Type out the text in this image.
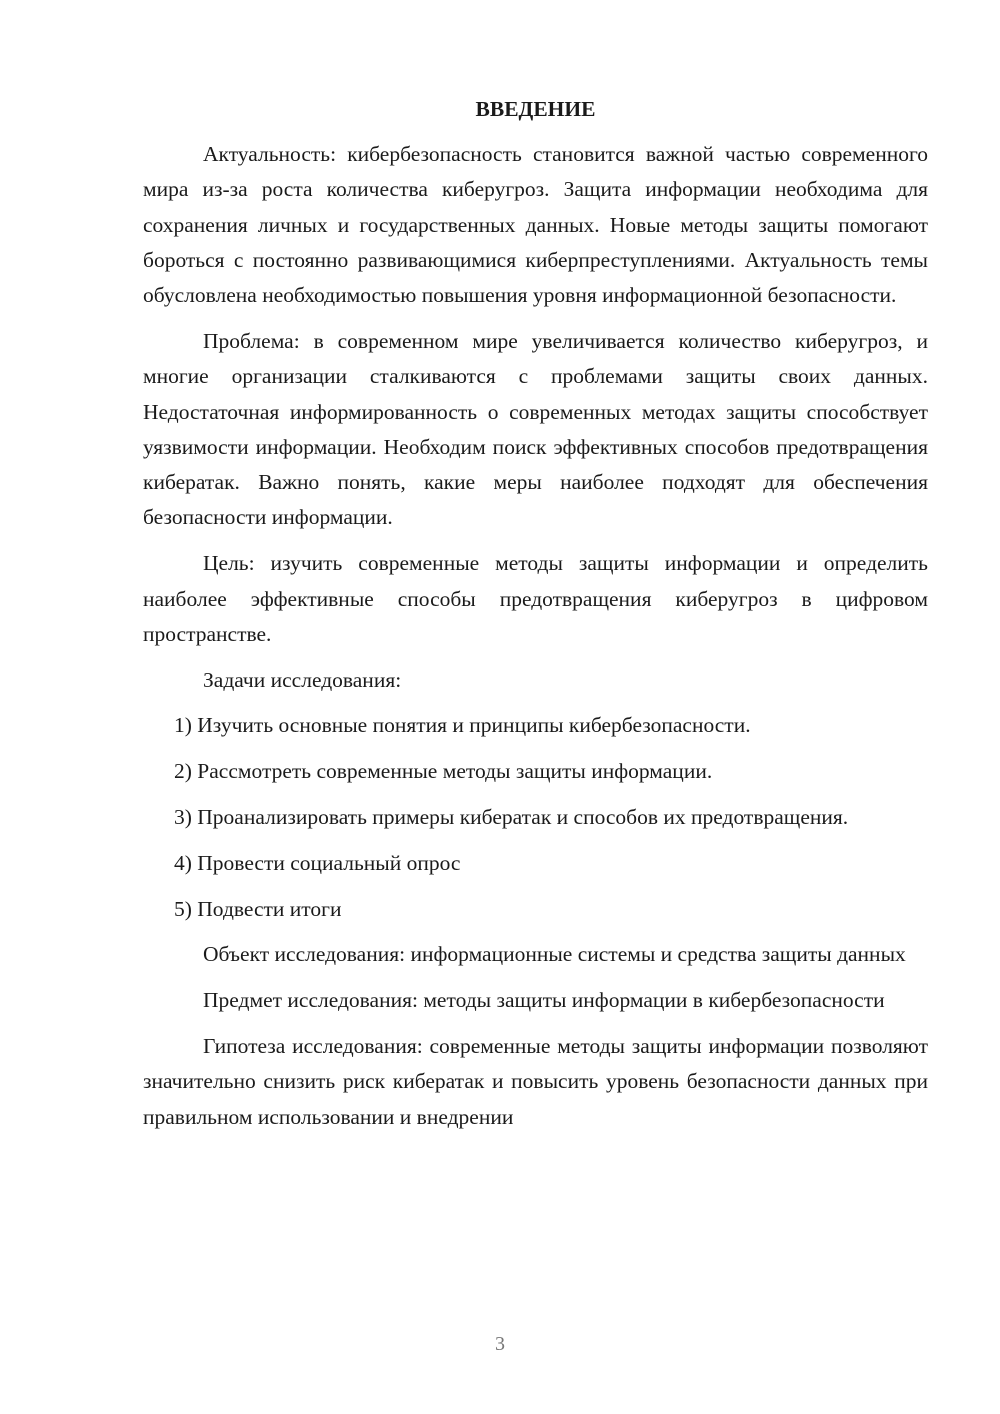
ВВЕДЕНИЕ

Актуальность: кибербезопасность становится важной частью современного мира из-за роста количества киберугроз. Защита информации необходима для сохранения личных и государственных данных. Новые методы защиты помогают бороться с постоянно развивающимися киберпреступлениями. Актуальность темы обусловлена необходимостью повышения уровня информационной безопасности.

Проблема: в современном мире увеличивается количество киберугроз, и многие организации сталкиваются с проблемами защиты своих данных. Недостаточная информированность о современных методах защиты способствует уязвимости информации. Необходим поиск эффективных способов предотвращения кибератак. Важно понять, какие меры наиболее подходят для обеспечения безопасности информации.

Цель: изучить современные методы защиты информации и определить наиболее эффективные способы предотвращения киберугроз в цифровом пространстве.

Задачи исследования:

1) Изучить основные понятия и принципы кибербезопасности.

2) Рассмотреть современные методы защиты информации.

3) Проанализировать примеры кибератак и способов их предотвращения.

4) Провести социальный опрос

5) Подвести итоги

Объект исследования: информационные системы и средства защиты данных

Предмет исследования: методы защиты информации в кибербезопасности

Гипотеза исследования: современные методы защиты информации позволяют значительно снизить риск кибератак и повысить уровень безопасности данных при правильном использовании и внедрении

3
